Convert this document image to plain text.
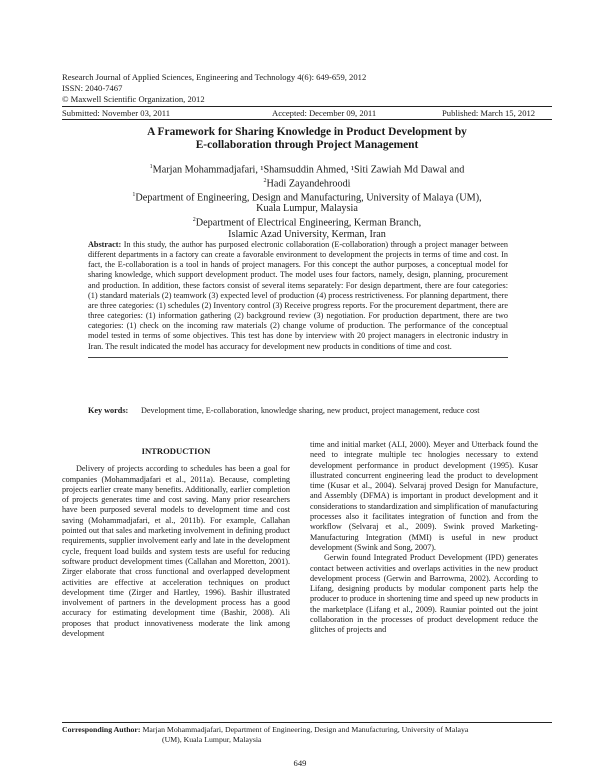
Research Journal of Applied Sciences, Engineering and Technology 4(6): 649-659, 2012
ISSN: 2040-7467
© Maxwell Scientific Organization, 2012
Submitted: November 03, 2011	Accepted: December 09, 2011	Published: March 15, 2012
A Framework for Sharing Knowledge in Product Development by
E-collaboration through Project Management
$^1$Marjan Mohammadjafari, ¹Shamsuddin Ahmed, ¹Siti Zawiah Md Dawal and
$^2$Hadi Zayandehroodi
$^1$Department of Engineering, Design and Manufacturing, University of Malaya (UM),
Kuala Lumpur, Malaysia
$^2$Department of Electrical Engineering, Kerman Branch,
Islamic Azad University, Kerman, Iran
Abstract: In this study, the author has purposed electronic collaboration (E-collaboration) through a project manager between different departments in a factory can create a favorable environment to development the projects in terms of time and cost. In fact, the E-collaboration is a tool in hands of project managers. For this concept the author purposes, a conceptual model for sharing knowledge, which support development product. The model uses four factors, namely, design, planning, procurement and production. In addition, these factors consist of several items separately: For design department, there are four categories: (1) standard materials (2) teamwork (3) expected level of production (4) process restrictiveness. For planning department, there are three categories: (1) schedules (2) Inventory control (3) Receive progress reports. For the procurement department, there are three categories: (1) information gathering (2) background review (3) negotiation. For production department, there are two categories: (1) check on the incoming raw materials (2) change volume of production. The performance of the conceptual model tested in terms of some objectives. This test has done by interview with 20 project managers in electronic industry in Iran. The result indicated the model has accuracy for development new products in conditions of time and cost.
Key words: Development time, E-collaboration, knowledge sharing, new product, project management, reduce cost
INTRODUCTION

Delivery of projects according to schedules has been a goal for companies (Mohammadjafari et al., 2011a). Because, completing projects earlier create many benefits. Additionally, earlier completion of projects generates time and cost saving. Many prior researchers have been purposed several models to development time and cost saving (Mohammadjafari, et al., 2011b). For example, Callahan pointed out that sales and marketing involvement in defining product requirements, supplier involvement early and late in the development cycle, frequent load builds and system tests are useful for reducing software product development times (Callahan and Moretton, 2001). Zirger elaborate that cross functional and overlapped development activities are effective at acceleration techniques on product development time (Zirger and Hartley, 1996). Bashir illustrated involvement of partners in the development process has a good accuracy for estimating development time (Bashir, 2008). Ali proposes that product innovativeness moderate the link among development

time and initial market (ALI, 2000). Meyer and Utterback found the need to integrate multiple tec hnologies necessary to extend development performance in product development (1995). Kusar illustrated concurrent engineering lead the product to development time (Kusar et al., 2004). Selvaraj proved Design for Manufacture, and Assembly (DFMA) is important in product development and it considerations to standardization and simplification of manufacturing processes also it facilitates integration of function and from the workflow (Selvaraj et al., 2009). Swink proved Marketing-Manufacturing Integration (MMI) is useful in new product development (Swink and Song, 2007).

Gerwin found Integrated Product Development (IPD) generates contact between activities and overlaps activities in the new product development process (Gerwin and Barrowma, 2002). According to Lifang, designing products by modular component parts help the producer to produce in shortening time and speed up new products in the marketplace (Lifang et al., 2009). Rauniar pointed out the joint collaboration in the processes of product development reduce the glitches of projects and

Corresponding Author: Marjan Mohammadjafari, Department of Engineering, Design and Manufacturing, University of Malaya
(UM), Kuala Lumpur, Malaysia
649
